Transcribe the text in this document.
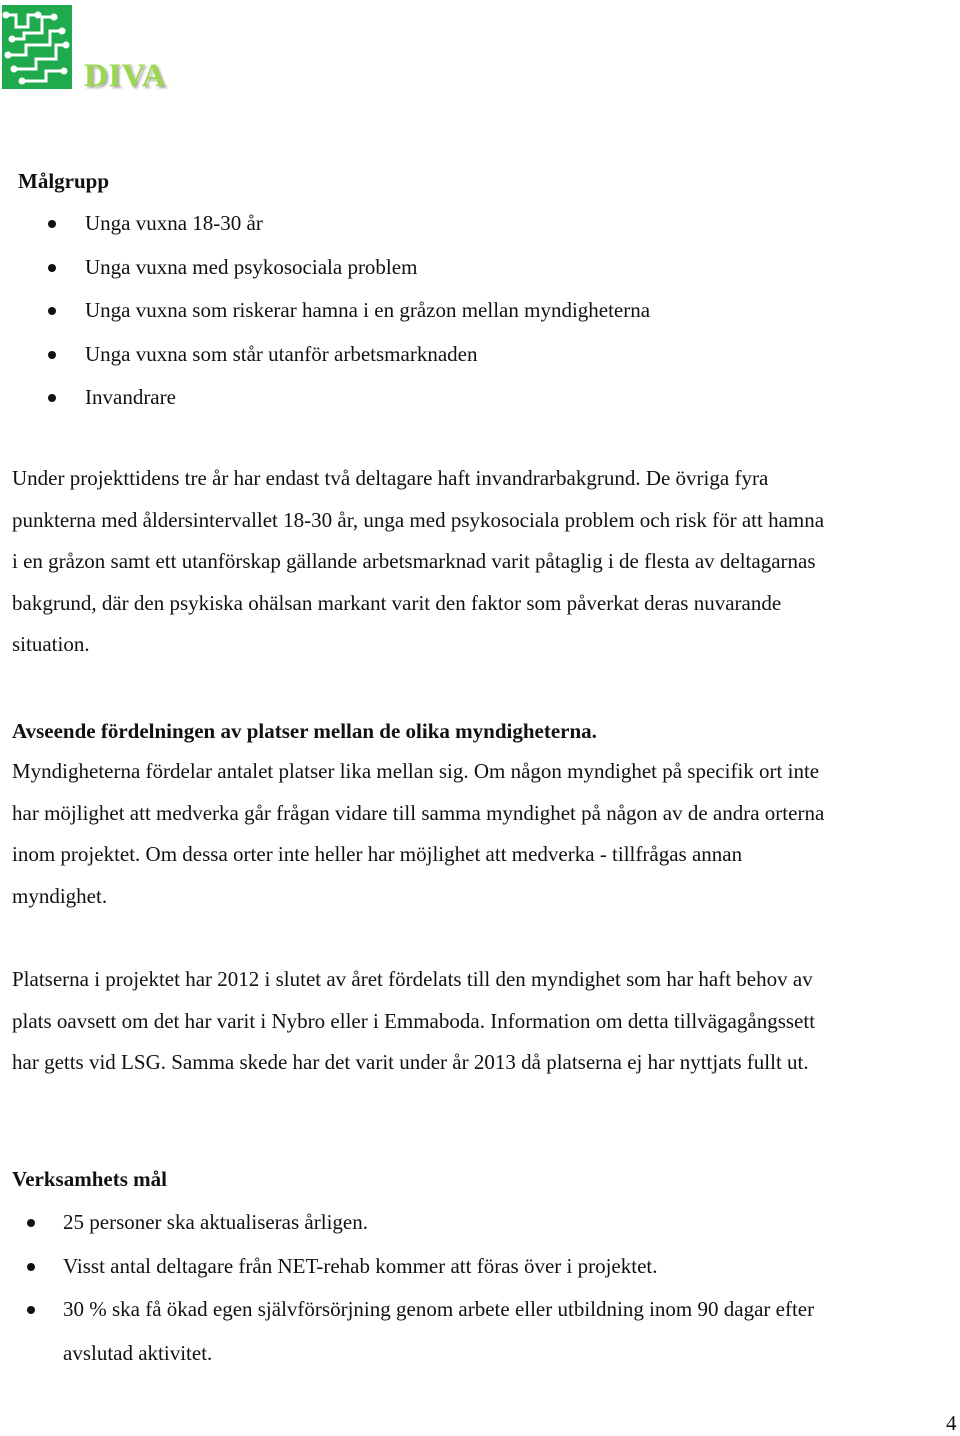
DIVA
Målgrupp
Unga vuxna 18-30 år
Unga vuxna med psykosociala problem
Unga vuxna som riskerar hamna i en gråzon mellan myndigheterna
Unga vuxna som står utanför arbetsmarknaden
Invandrare
Under projekttidens tre år har endast två deltagare haft invandrarbakgrund. De övriga fyra
punkterna med åldersintervallet 18-30 år, unga med psykosociala problem och risk för att hamna
i en gråzon samt ett utanförskap gällande arbetsmarknad varit påtaglig i de flesta av deltagarnas
bakgrund, där den psykiska ohälsan markant varit den faktor som påverkat deras nuvarande
situation.
Avseende fördelningen av platser mellan de olika myndigheterna.
Myndigheterna fördelar antalet platser lika mellan sig. Om någon myndighet på specifik ort inte
har möjlighet att medverka går frågan vidare till samma myndighet på någon av de andra orterna
inom projektet. Om dessa orter inte heller har möjlighet att medverka - tillfrågas annan
myndighet.
Platserna i projektet har 2012 i slutet av året fördelats till den myndighet som har haft behov av
plats oavsett om det har varit i Nybro eller i Emmaboda. Information om detta tillvägagångssett
har getts vid LSG. Samma skede har det varit under år 2013 då platserna ej har nyttjats fullt ut.
Verksamhets mål
25 personer ska aktualiseras årligen.
Visst antal deltagare från NET-rehab kommer att föras över i projektet.
30 % ska få ökad egen självförsörjning genom arbete eller utbildning inom 90 dagar efter
avslutad aktivitet.
4
